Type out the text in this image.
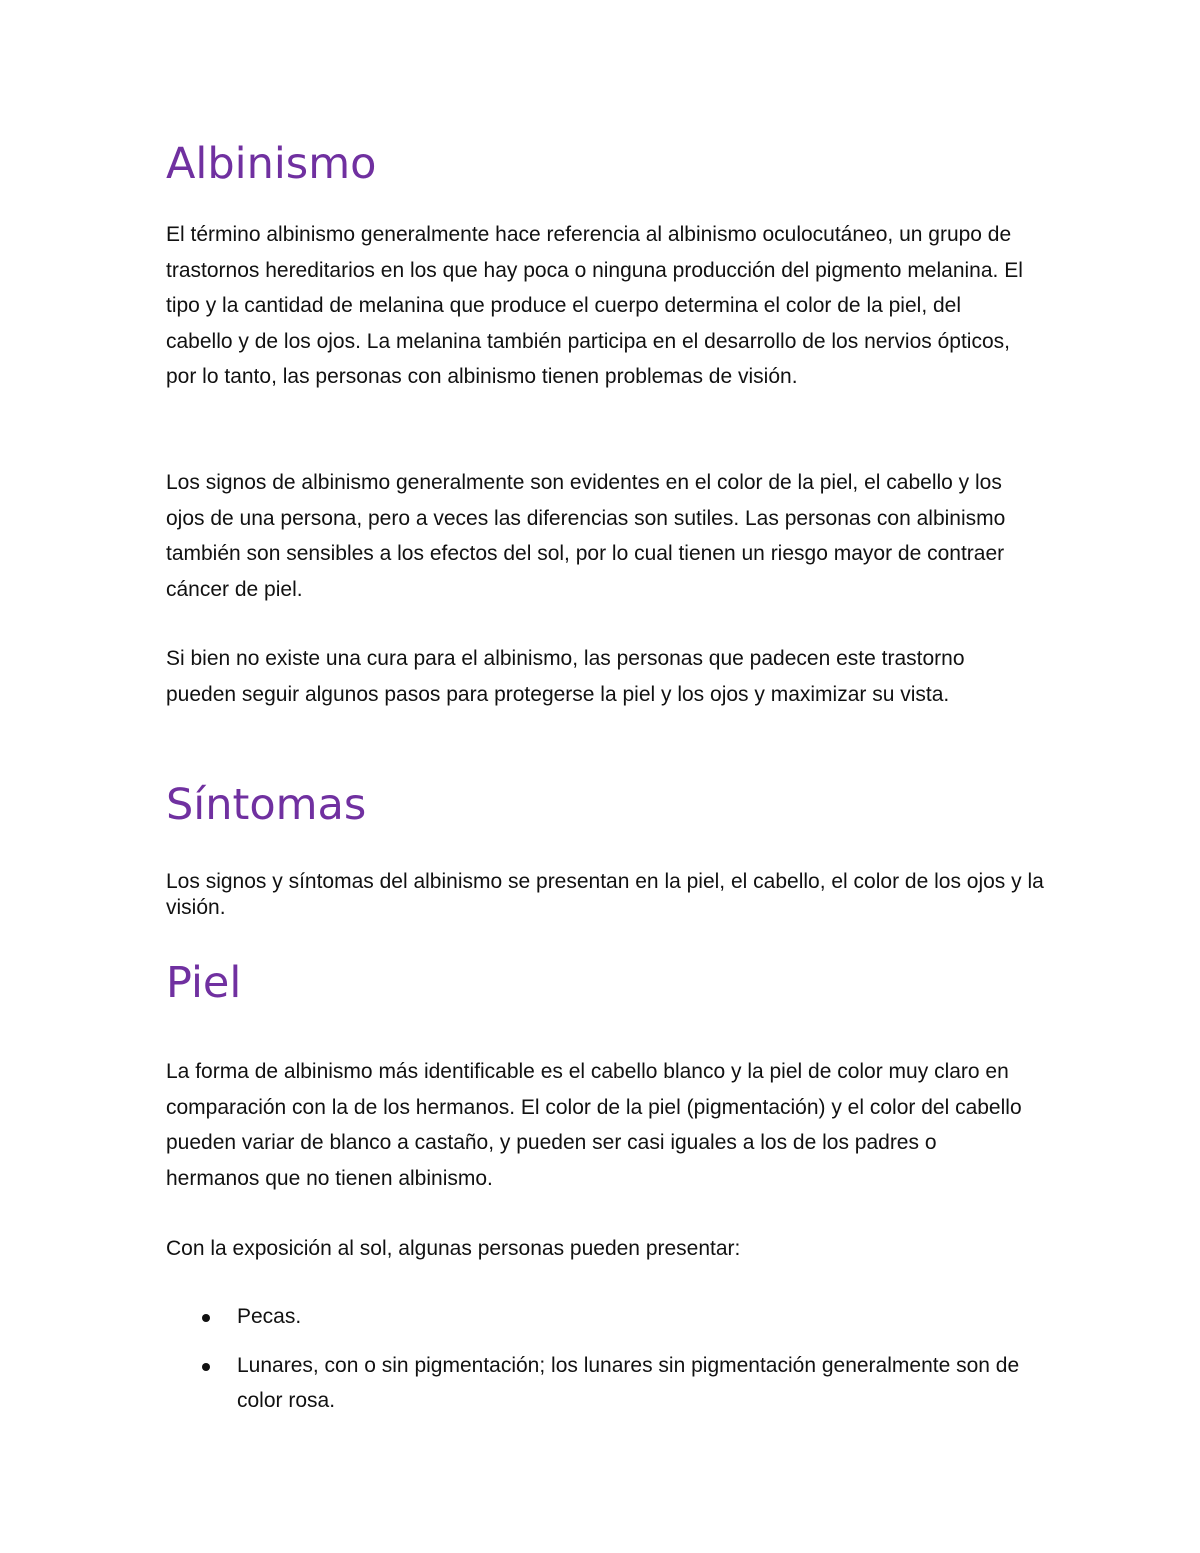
Albinismo

El término albinismo generalmente hace referencia al albinismo oculocutáneo, un grupo de trastornos hereditarios en los que hay poca o ninguna producción del pigmento melanina. El tipo y la cantidad de melanina que produce el cuerpo determina el color de la piel, del cabello y de los ojos. La melanina también participa en el desarrollo de los nervios ópticos, por lo tanto, las personas con albinismo tienen problemas de visión.

Los signos de albinismo generalmente son evidentes en el color de la piel, el cabello y los ojos de una persona, pero a veces las diferencias son sutiles. Las personas con albinismo también son sensibles a los efectos del sol, por lo cual tienen un riesgo mayor de contraer cáncer de piel.

Si bien no existe una cura para el albinismo, las personas que padecen este trastorno pueden seguir algunos pasos para protegerse la piel y los ojos y maximizar su vista.

Síntomas

Los signos y síntomas del albinismo se presentan en la piel, el cabello, el color de los ojos y la visión.

Piel

La forma de albinismo más identificable es el cabello blanco y la piel de color muy claro en comparación con la de los hermanos. El color de la piel (pigmentación) y el color del cabello pueden variar de blanco a castaño, y pueden ser casi iguales a los de los padres o hermanos que no tienen albinismo.

Con la exposición al sol, algunas personas pueden presentar:

Pecas.
Lunares, con o sin pigmentación; los lunares sin pigmentación generalmente son de color rosa.
